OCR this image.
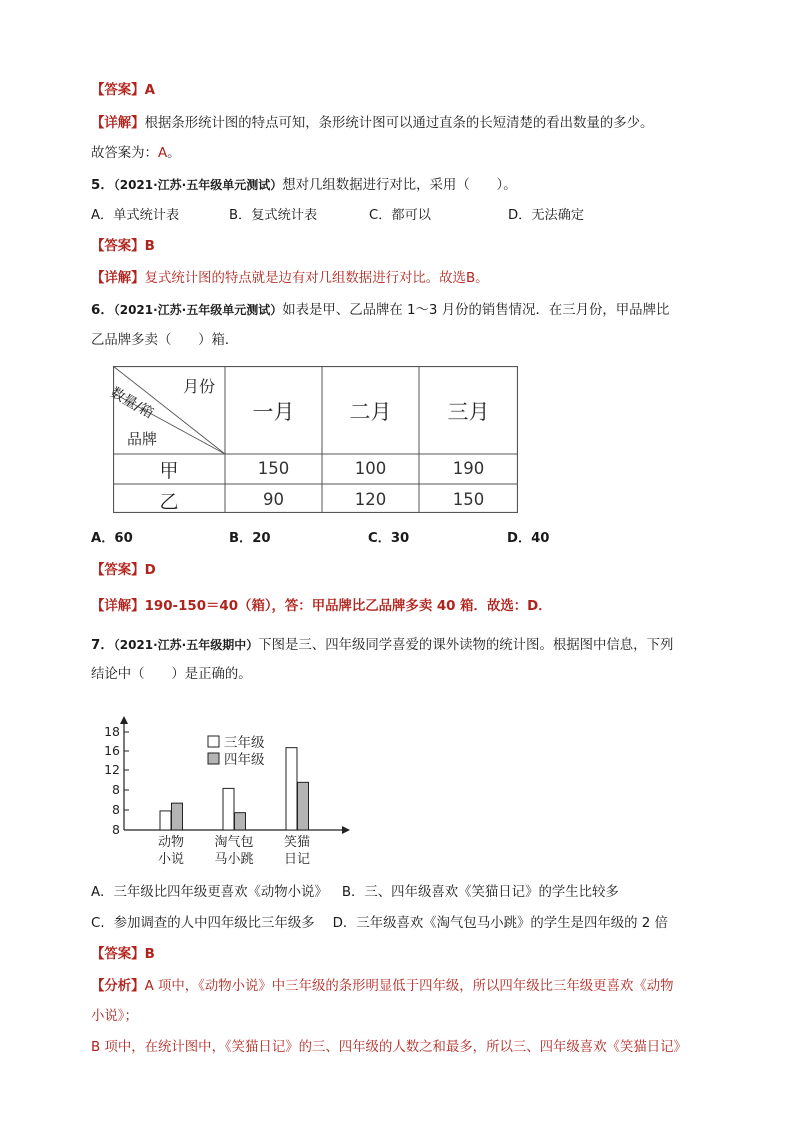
【答案】A
【详解】根据条形统计图的特点可知，条形统计图可以通过直条的长短清楚的看出数量的多少。
故答案为：A。
5．（2021·江苏·五年级单元测试）想对几组数据进行对比，采用（　　）。
A．单式统计表	B．复式统计表	C．都可以	D．无法确定
【答案】B
【详解】复式统计图的特点就是边有对几组数据进行对比。故选B。
6．（2021·江苏·五年级单元测试）如表是甲、乙品牌在 1～3 月份的销售情况．在三月份，甲品牌比
乙品牌多卖（　　）箱．
月份
数量/箱
品牌
一月	二月	三月
甲	150	100	190
乙	90	120	150
A．60	B．20	C．30	D．40
【答案】D
【详解】190-150＝40（箱），答：甲品牌比乙品牌多卖 40 箱．故选：D．
7．（2021·江苏·五年级期中）下图是三、四年级同学喜爱的课外读物的统计图。根据图中信息，下列
结论中（　　）是正确的。
18
16
12
8
8
8
动物
小说
淘气包
马小跳
笑猫
日记
三年级
四年级
A．三年级比四年级更喜欢《动物小说》 B．三、四年级喜欢《笑猫日记》的学生比较多
C．参加调查的人中四年级比三年级多 D．三年级喜欢《淘气包马小跳》的学生是四年级的 2 倍
【答案】B
【分析】A 项中，《动物小说》中三年级的条形明显低于四年级，所以四年级比三年级更喜欢《动物
小说》；
B 项中，在统计图中，《笑猫日记》的三、四年级的人数之和最多，所以三、四年级喜欢《笑猫日记》
